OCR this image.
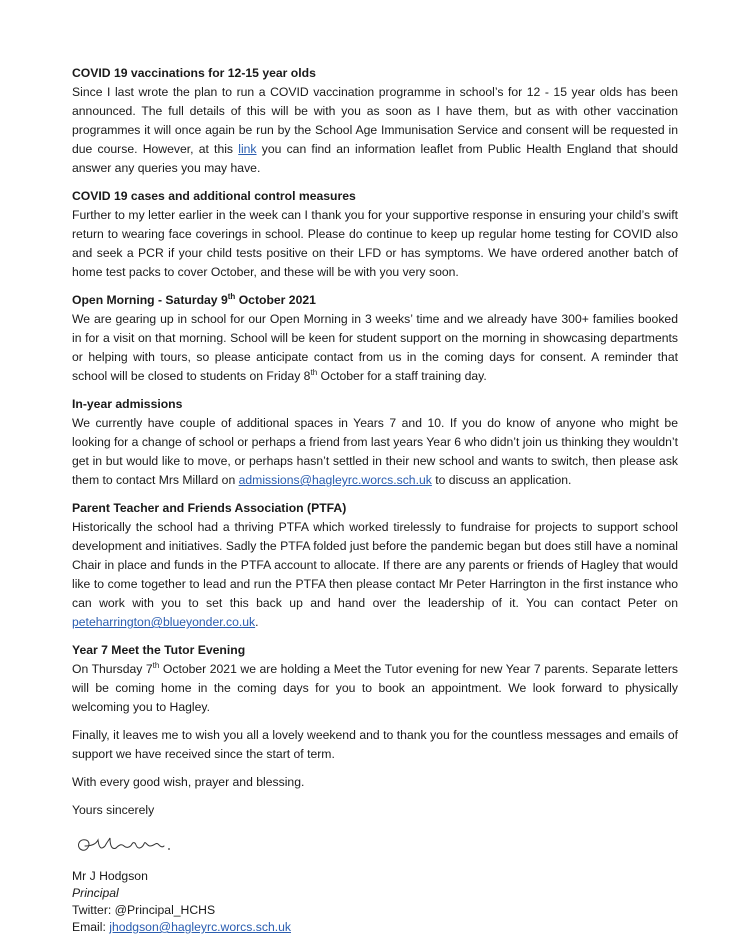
COVID 19 vaccinations for 12-15 year olds

Since I last wrote the plan to run a COVID vaccination programme in school’s for 12 - 15 year olds has been announced. The full details of this will be with you as soon as I have them, but as with other vaccination programmes it will once again be run by the School Age Immunisation Service and consent will be requested in due course. However, at this link you can find an information leaflet from Public Health England that should answer any queries you may have.

COVID 19 cases and additional control measures

Further to my letter earlier in the week can I thank you for your supportive response in ensuring your child’s swift return to wearing face coverings in school. Please do continue to keep up regular home testing for COVID also and seek a PCR if your child tests positive on their LFD or has symptoms. We have ordered another batch of home test packs to cover October, and these will be with you very soon.

Open Morning - Saturday 9th October 2021

We are gearing up in school for our Open Morning in 3 weeks’ time and we already have 300+ families booked in for a visit on that morning. School will be keen for student support on the morning in showcasing departments or helping with tours, so please anticipate contact from us in the coming days for consent. A reminder that school will be closed to students on Friday 8th October for a staff training day.

In-year admissions

We currently have couple of additional spaces in Years 7 and 10. If you do know of anyone who might be looking for a change of school or perhaps a friend from last years Year 6 who didn’t join us thinking they wouldn’t get in but would like to move, or perhaps hasn’t settled in their new school and wants to switch, then please ask them to contact Mrs Millard on admissions@hagleyrc.worcs.sch.uk to discuss an application.

Parent Teacher and Friends Association (PTFA)

Historically the school had a thriving PTFA which worked tirelessly to fundraise for projects to support school development and initiatives. Sadly the PTFA folded just before the pandemic began but does still have a nominal Chair in place and funds in the PTFA account to allocate. If there are any parents or friends of Hagley that would like to come together to lead and run the PTFA then please contact Mr Peter Harrington in the first instance who can work with you to set this back up and hand over the leadership of it. You can contact Peter on peteharrington@blueyonder.co.uk.

Year 7 Meet the Tutor Evening

On Thursday 7th October 2021 we are holding a Meet the Tutor evening for new Year 7 parents. Separate letters will be coming home in the coming days for you to book an appointment. We look forward to physically welcoming you to Hagley.

Finally, it leaves me to wish you all a lovely weekend and to thank you for the countless messages and emails of support we have received since the start of term.

With every good wish, prayer and blessing.

Yours sincerely

Mr J Hodgson
Principal
Twitter: @Principal_HCHS
Email: jhodgson@hagleyrc.worcs.sch.uk
